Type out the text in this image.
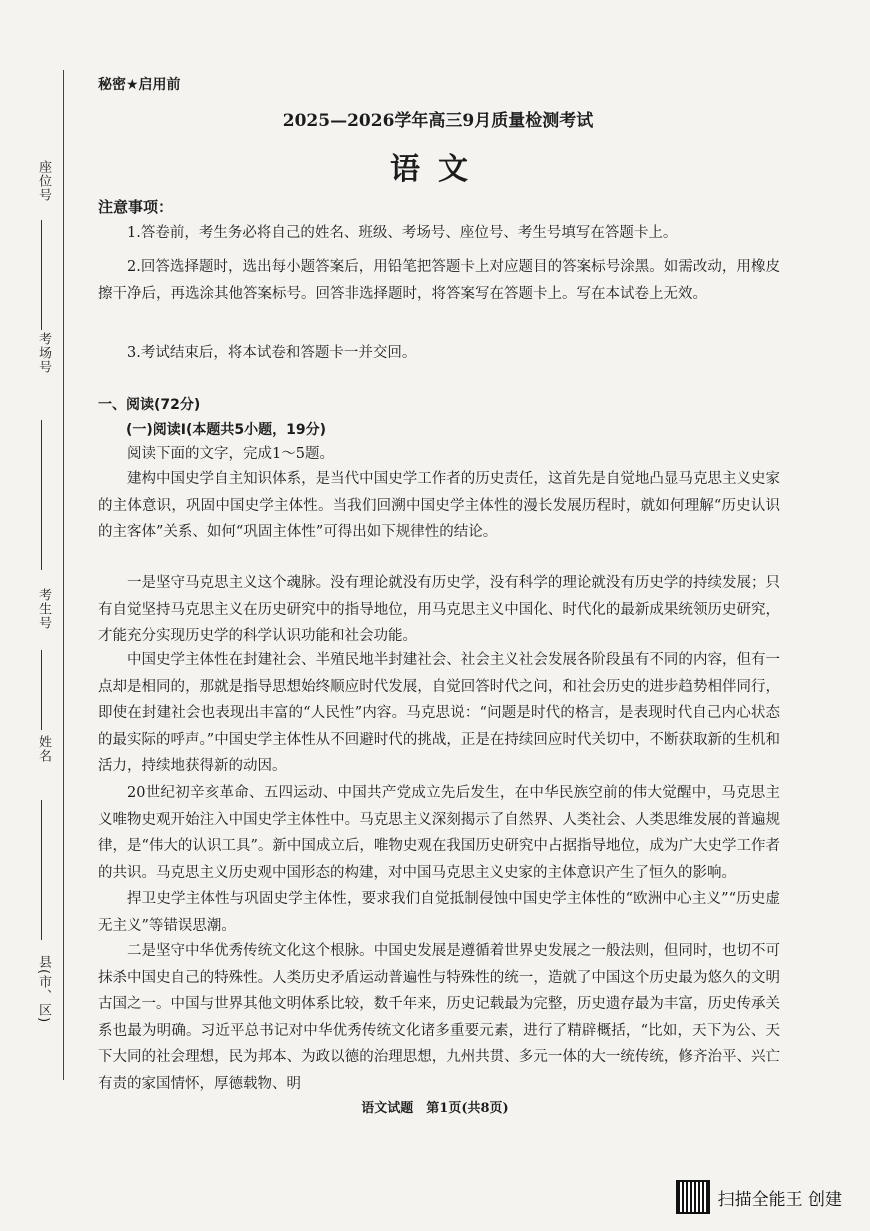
座位号
考场号
考生号
姓名
县(市、区)
秘密★启用前
2025—2026学年高三9月质量检测考试
语文
注意事项：
1.答卷前，考生务必将自己的姓名、班级、考场号、座位号、考生号填写在答题卡上。
2.回答选择题时，选出每小题答案后，用铅笔把答题卡上对应题目的答案标号涂黑。如需改动，用橡皮擦干净后，再选涂其他答案标号。回答非选择题时，将答案写在答题卡上。写在本试卷上无效。
3.考试结束后，将本试卷和答题卡一并交回。
一、阅读(72分)
(一)阅读Ⅰ(本题共5小题，19分)
阅读下面的文字，完成1～5题。
建构中国史学自主知识体系，是当代中国史学工作者的历史责任，这首先是自觉地凸显马克思主义史家的主体意识，巩固中国史学主体性。当我们回溯中国史学主体性的漫长发展历程时，就如何理解“历史认识的主客体”关系、如何“巩固主体性”可得出如下规律性的结论。
一是坚守马克思主义这个魂脉。没有理论就没有历史学，没有科学的理论就没有历史学的持续发展；只有自觉坚持马克思主义在历史研究中的指导地位，用马克思主义中国化、时代化的最新成果统领历史研究，才能充分实现历史学的科学认识功能和社会功能。
中国史学主体性在封建社会、半殖民地半封建社会、社会主义社会发展各阶段虽有不同的内容，但有一点却是相同的，那就是指导思想始终顺应时代发展，自觉回答时代之问，和社会历史的进步趋势相伴同行，即使在封建社会也表现出丰富的“人民性”内容。马克思说：“问题是时代的格言，是表现时代自己内心状态的最实际的呼声。”中国史学主体性从不回避时代的挑战，正是在持续回应时代关切中，不断获取新的生机和活力，持续地获得新的动因。
20世纪初辛亥革命、五四运动、中国共产党成立先后发生，在中华民族空前的伟大觉醒中，马克思主义唯物史观开始注入中国史学主体性中。马克思主义深刻揭示了自然界、人类社会、人类思维发展的普遍规律，是“伟大的认识工具”。新中国成立后，唯物史观在我国历史研究中占据指导地位，成为广大史学工作者的共识。马克思主义历史观中国形态的构建，对中国马克思主义史家的主体意识产生了恒久的影响。
捍卫史学主体性与巩固史学主体性，要求我们自觉抵制侵蚀中国史学主体性的“欧洲中心主义”“历史虚无主义”等错误思潮。
二是坚守中华优秀传统文化这个根脉。中国史发展是遵循着世界史发展之一般法则，但同时，也切不可抹杀中国史自己的特殊性。人类历史矛盾运动普遍性与特殊性的统一，造就了中国这个历史最为悠久的文明古国之一。中国与世界其他文明体系比较，数千年来，历史记载最为完整，历史遗存最为丰富，历史传承关系也最为明确。习近平总书记对中华优秀传统文化诸多重要元素，进行了精辟概括，“比如，天下为公、天下大同的社会理想，民为邦本、为政以德的治理思想，九州共贯、多元一体的大一统传统，修齐治平、兴亡有责的家国情怀，厚德载物、明
语文试题　第1页(共8页)
扫描全能王 创建
